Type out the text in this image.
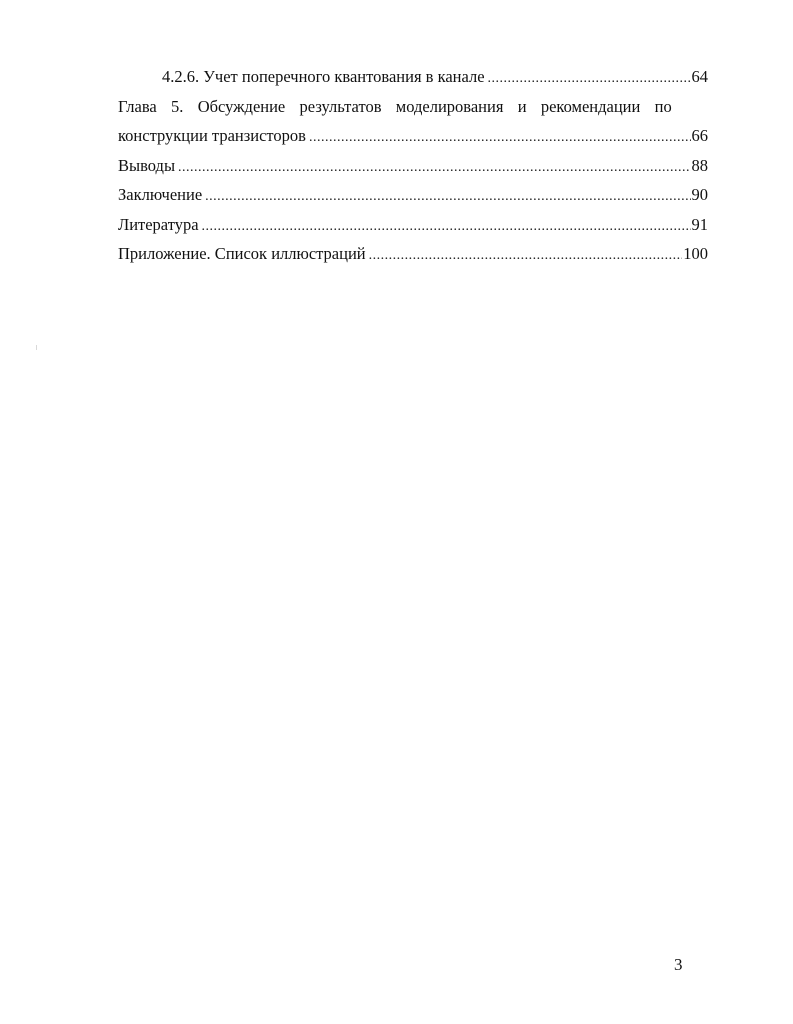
4.2.6. Учет поперечного квантования в канале .....	64
Глава 5. Обсуждение результатов моделирования и рекомендации по
конструкции транзисторов .....	66
Выводы .....	88
Заключение .....	90
Литература .....	91
Приложение. Список иллюстраций .....	100
3
